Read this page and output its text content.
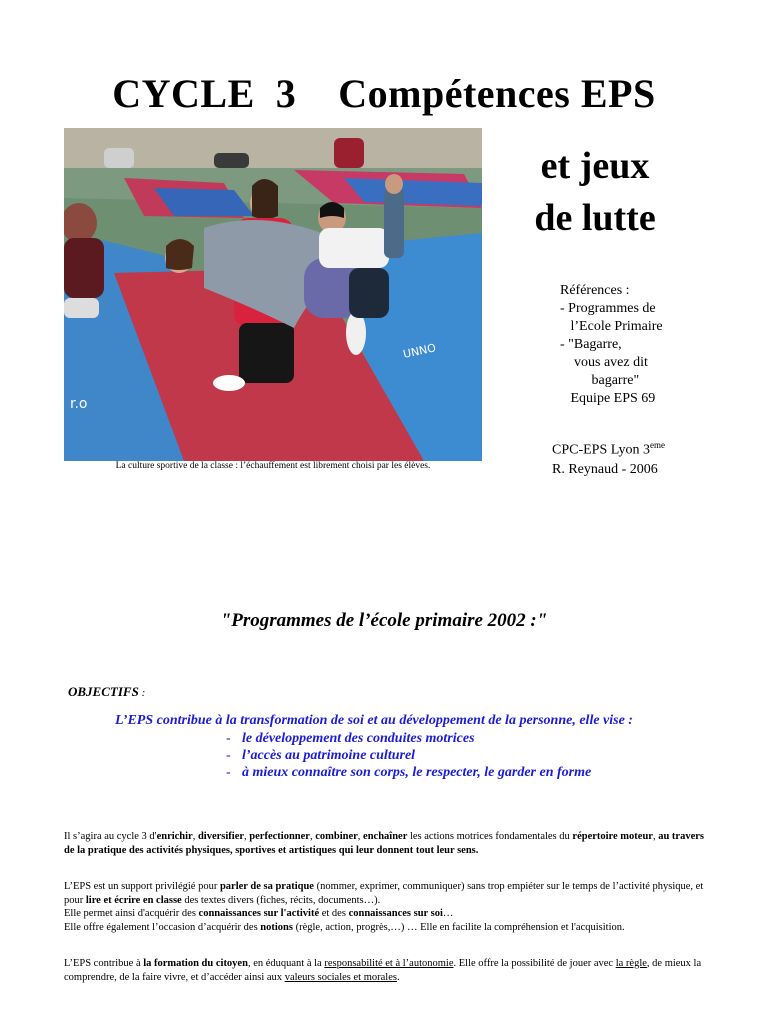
CYCLE  3    Compétences EPS
UNNO
r.o
et jeux
de lutte
Références :
- Programmes de
l’Ecole Primaire
- "Bagarre,
vous avez dit
bagarre"
Equipe EPS 69
CPC-EPS Lyon 3eme
R. Reynaud - 2006
La culture sportive de la classe : l’échauffement est librement choisi par les élèves.
"Programmes de l’école primaire 2002 :"
OBJECTIFS :
L’EPS contribue à la transformation de soi et au développement de la personne, elle vise :
- le développement des conduites motrices
- l’accès au patrimoine culturel
- à mieux connaître son corps, le respecter, le garder en forme
Il s’agira au cycle 3 d'enrichir, diversifier, perfectionner, combiner, enchaîner les actions motrices fondamentales du répertoire moteur, au travers de la pratique des activités physiques, sportives et artistiques qui leur donnent tout leur sens.
L’EPS est un support privilégié pour parler de sa pratique (nommer, exprimer, communiquer) sans trop empiéter sur le temps de l’activité physique, et pour lire et écrire en classe des textes divers (fiches, récits, documents…).
Elle permet ainsi d'acquérir des connaissances sur l'activité et des connaissances sur soi…
Elle offre également l’occasion d’acquérir des notions (règle, action, progrès,…) … Elle en facilite la compréhension et l'acquisition.
L’EPS contribue à la formation du citoyen, en éduquant à la responsabilité et à l’autonomie. Elle offre la possibilité de jouer avec la règle, de mieux la comprendre, de la faire vivre, et d’accéder ainsi aux valeurs sociales et morales.
